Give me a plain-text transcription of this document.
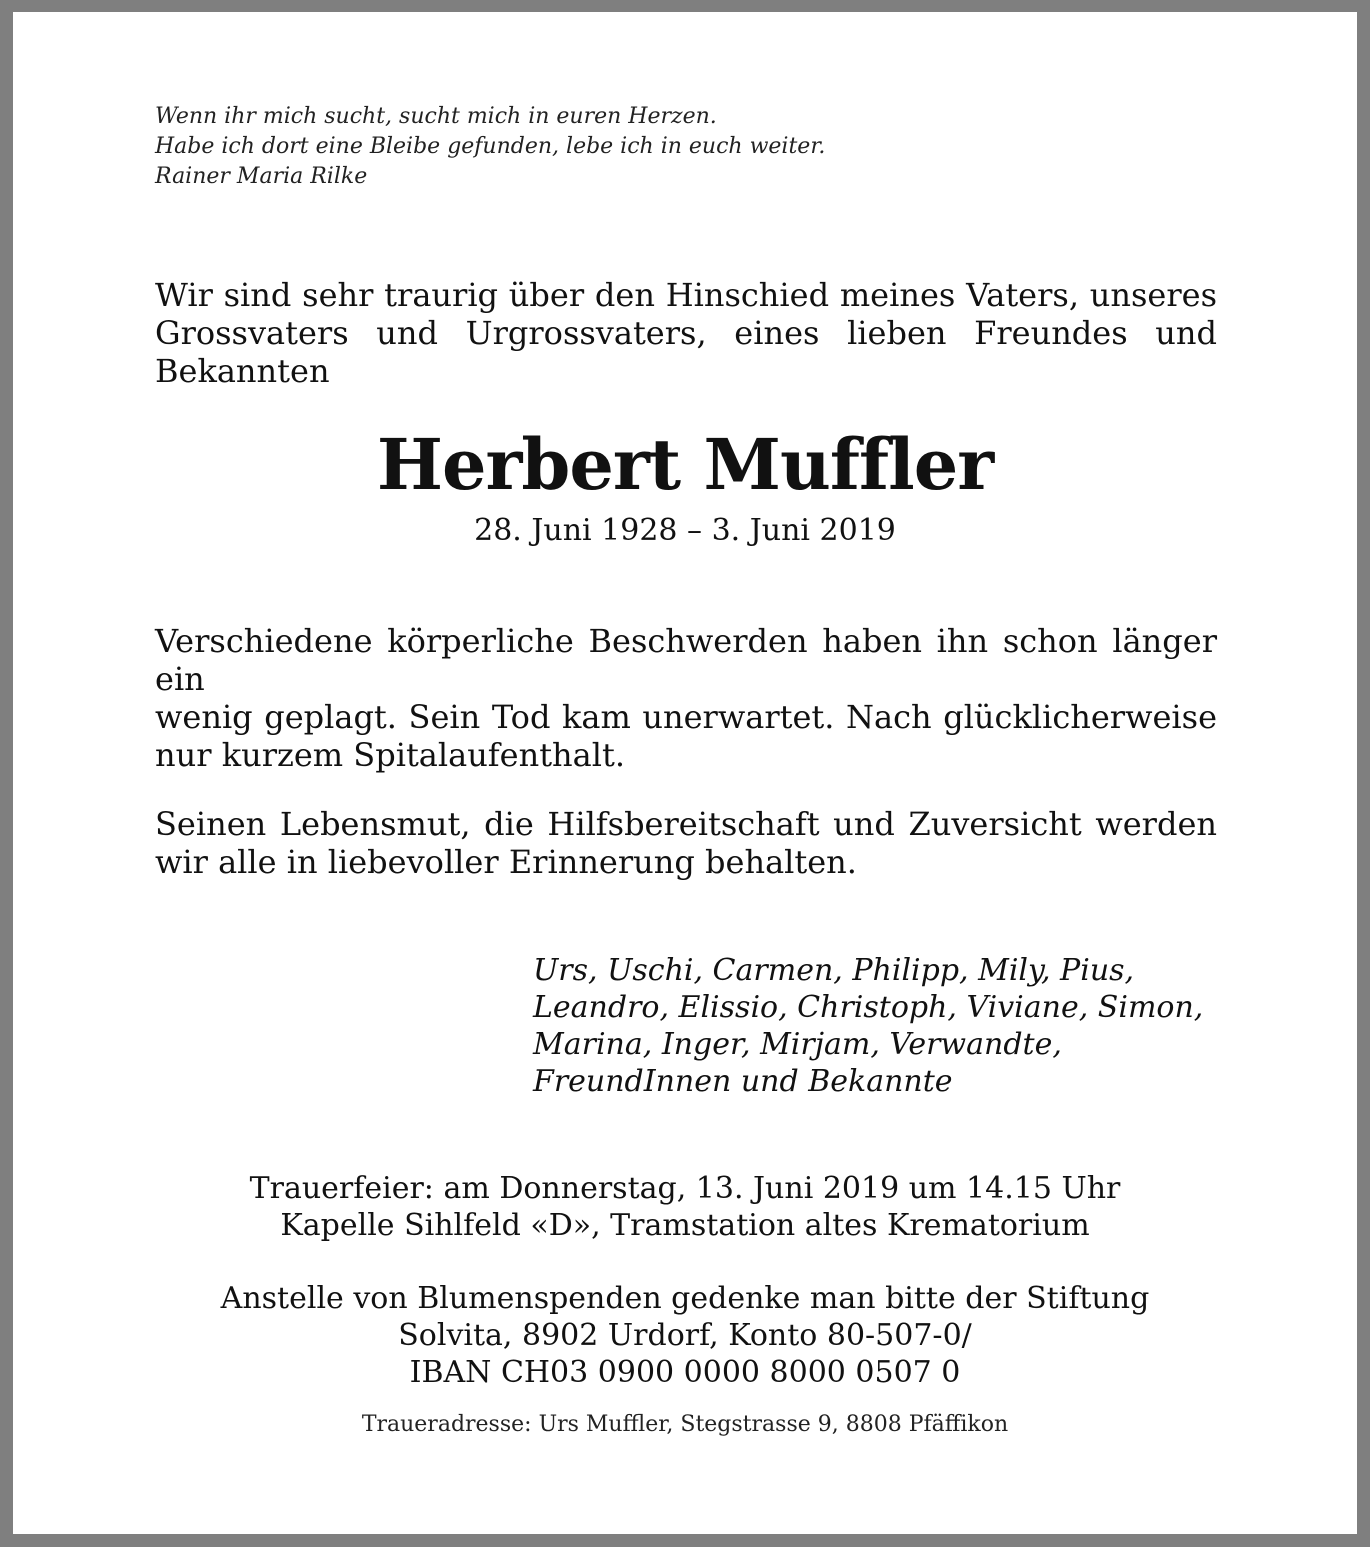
Wenn ihr mich sucht, sucht mich in euren Herzen.
Habe ich dort eine Bleibe gefunden, lebe ich in euch weiter.
Rainer Maria Rilke
Wir sind sehr traurig über den Hinschied meines Vaters, unseres
Grossvaters und Urgrossvaters, eines lieben Freundes und Bekannten
Herbert Muffler
28. Juni 1928 – 3. Juni 2019
Verschiedene körperliche Beschwerden haben ihn schon länger ein
wenig geplagt. Sein Tod kam unerwartet. Nach glücklicherweise
nur kurzem Spitalaufenthalt.
Seinen Lebensmut, die Hilfsbereitschaft und Zuversicht werden
wir alle in liebevoller Erinnerung behalten.
Urs, Uschi, Carmen, Philipp, Mily, Pius,
Leandro, Elissio, Christoph, Viviane, Simon,
Marina, Inger, Mirjam, Verwandte,
FreundInnen und Bekannte
Trauerfeier: am Donnerstag, 13. Juni 2019 um 14.15 Uhr
Kapelle Sihlfeld «D», Tramstation altes Krematorium
Anstelle von Blumenspenden gedenke man bitte der Stiftung
Solvita, 8902 Urdorf, Konto 80-507-0/
IBAN CH03 0900 0000 8000 0507 0
Traueradresse: Urs Muffler, Stegstrasse 9, 8808 Pfäffikon
